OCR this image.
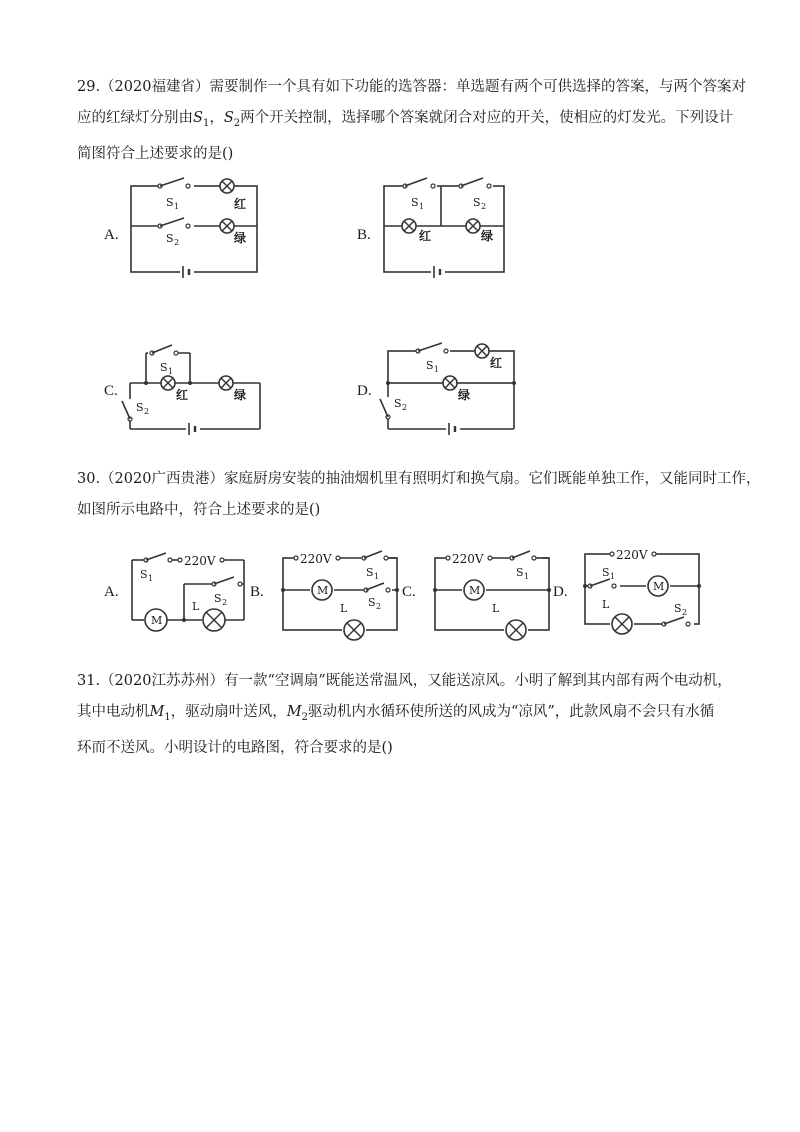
29.（2020福建省）需要制作一个具有如下功能的选答器：单选题有两个可供选择的答案，与两个答案对

应的红绿灯分别由$S_1$，$S_2$两个开关控制，选择哪个答案就闭合对应的开关，使相应的灯发光。下列设计

简图符合上述要求的是()

A.	B.
C.	D.
S 1
S 2
红
绿
S 1	S 2
红	绿
S 1
红	绿
S 2
S 1	红
绿
S 2

30.（2020广西贵港）家庭厨房安装的抽油烟机里有照明灯和换气扇。它们既能单独工作，又能同时工作，

如图所示电路中，符合上述要求的是()

A.	B.	C.	D.
220V
S 1
S 2
L
M
220V
S 1
M
S 2
L
220V
S 1
M
L
220V
S 1
M
L	S 2

31.（2020江苏苏州）有一款“空调扇”既能送常温风，又能送凉风。小明了解到其内部有两个电动机，

其中电动机$M_1$，驱动扇叶送风，$M_2$驱动机内水循环使所送的风成为“凉风”，此款风扇不会只有水循

环而不送风。小明设计的电路图，符合要求的是()
